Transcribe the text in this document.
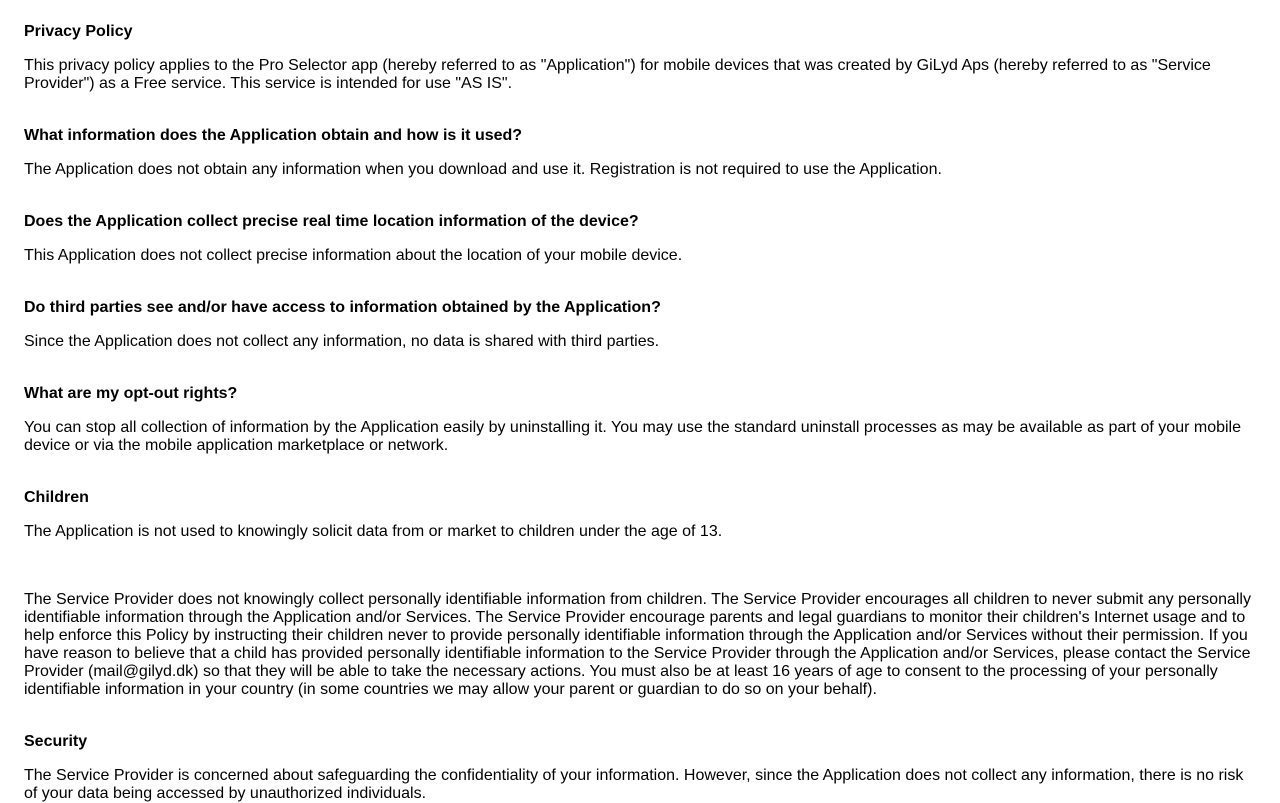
Privacy Policy

This privacy policy applies to the Pro Selector app (hereby referred to as "Application") for mobile devices that was created by GiLyd Aps (hereby referred to as "Service Provider") as a Free service. This service is intended for use "AS IS".

What information does the Application obtain and how is it used?

The Application does not obtain any information when you download and use it. Registration is not required to use the Application.

Does the Application collect precise real time location information of the device?

This Application does not collect precise information about the location of your mobile device.

Do third parties see and/or have access to information obtained by the Application?

Since the Application does not collect any information, no data is shared with third parties.

What are my opt-out rights?

You can stop all collection of information by the Application easily by uninstalling it. You may use the standard uninstall processes as may be available as part of your mobile device or via the mobile application marketplace or network.

Children

The Application is not used to knowingly solicit data from or market to children under the age of 13.

The Service Provider does not knowingly collect personally identifiable information from children. The Service Provider encourages all children to never submit any personally identifiable information through the Application and/or Services. The Service Provider encourage parents and legal guardians to monitor their children's Internet usage and to help enforce this Policy by instructing their children never to provide personally identifiable information through the Application and/or Services without their permission. If you have reason to believe that a child has provided personally identifiable information to the Service Provider through the Application and/or Services, please contact the Service Provider (mail@gilyd.dk) so that they will be able to take the necessary actions. You must also be at least 16 years of age to consent to the processing of your personally identifiable information in your country (in some countries we may allow your parent or guardian to do so on your behalf).

Security

The Service Provider is concerned about safeguarding the confidentiality of your information. However, since the Application does not collect any information, there is no risk of your data being accessed by unauthorized individuals.
